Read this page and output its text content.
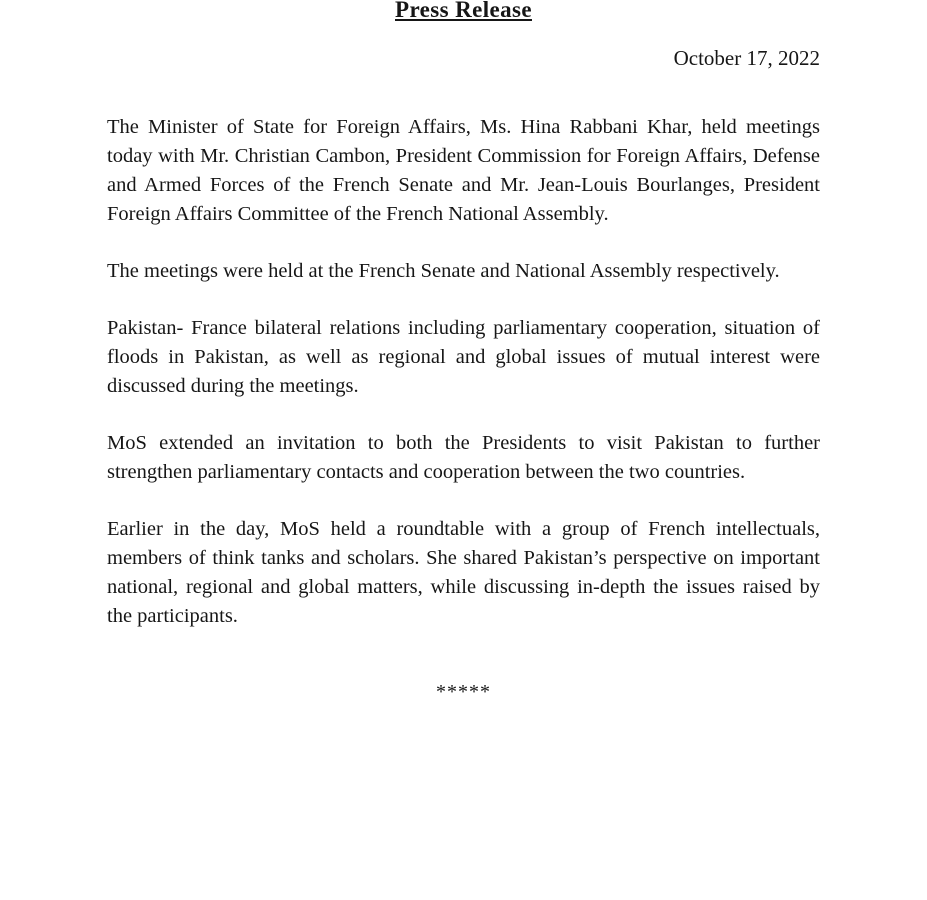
Press Release

October 17, 2022

The Minister of State for Foreign Affairs, Ms. Hina Rabbani Khar, held meetings today with Mr. Christian Cambon, President Commission for Foreign Affairs, Defense and Armed Forces of the French Senate and Mr. Jean-Louis Bourlanges, President Foreign Affairs Committee of the French National Assembly.

The meetings were held at the French Senate and National Assembly respectively.

Pakistan- France bilateral relations including parliamentary cooperation, situation of floods in Pakistan, as well as regional and global issues of mutual interest were discussed during the meetings.

MoS extended an invitation to both the Presidents to visit Pakistan to further strengthen parliamentary contacts and cooperation between the two countries.

Earlier in the day, MoS held a roundtable with a group of French intellectuals, members of think tanks and scholars. She shared Pakistan’s perspective on important national, regional and global matters, while discussing in-depth the issues raised by the participants.

*****
